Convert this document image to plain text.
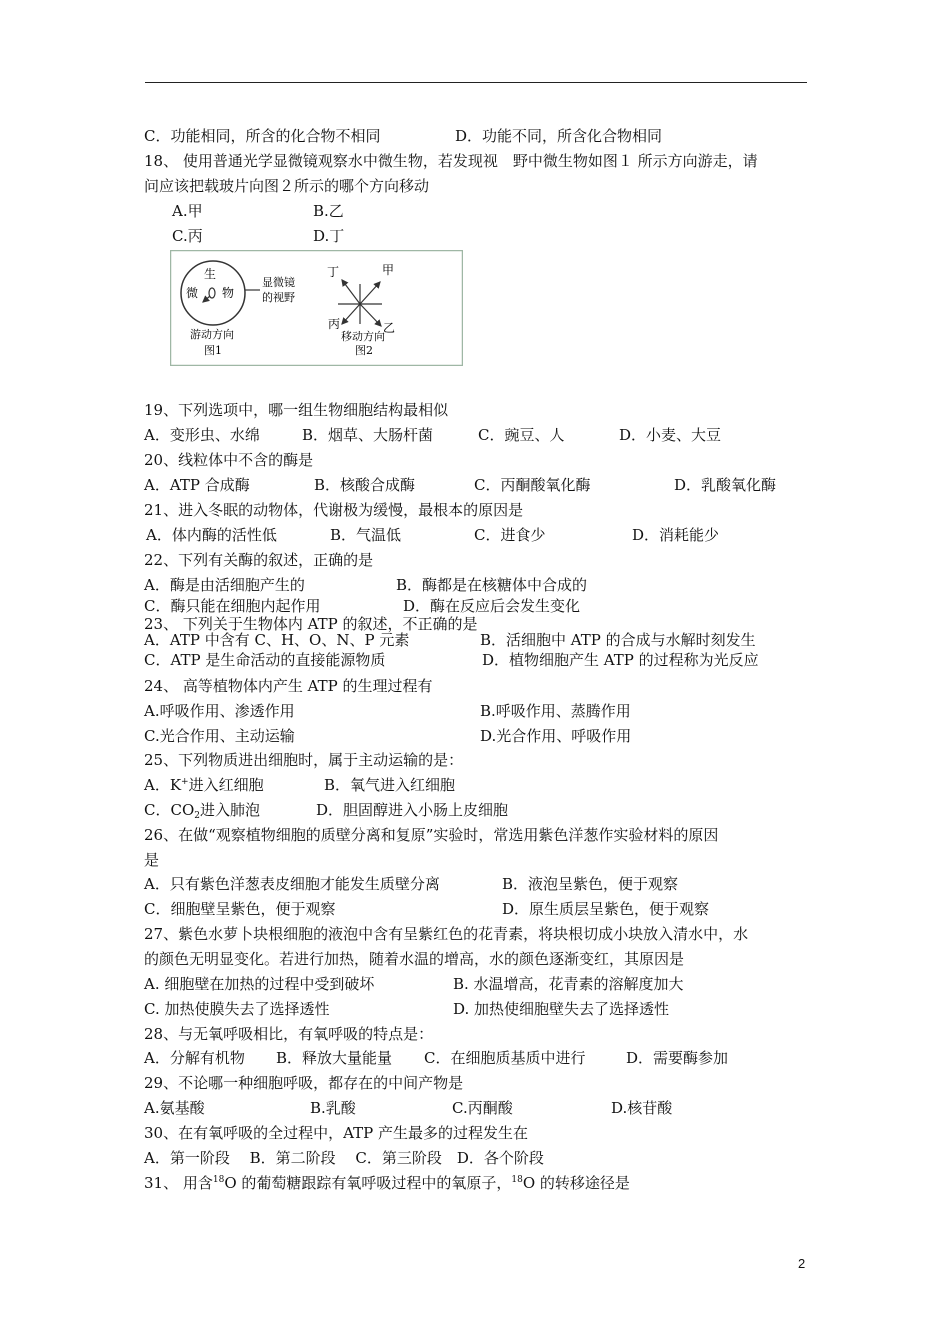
C．功能相同，所含的化合物不相同	D．功能不同，所含化合物相同
18、 使用普通光学显微镜观察水中微生物，若发现视　野中微生物如图１ 所示方向游走，请
问应该把载玻片向图２所示的哪个方向移动
A.甲	B.乙
C.丙	D.丁
生
微 物
显微镜
的视野
游动方向
图1
丁	甲
丙	乙
移动方向
图2
19、下列选项中，哪一组生物细胞结构最相似
A．变形虫、水绵	B．烟草、大肠杆菌	C．豌豆、人	D．小麦、大豆
20、线粒体中不含的酶是
A．ATP 合成酶	B．核酸合成酶	C．丙酮酸氧化酶	D．乳酸氧化酶
21、进入冬眠的动物体，代谢极为缓慢，最根本的原因是
A．体内酶的活性低	B．气温低	C．进食少	D．消耗能少
22、下列有关酶的叙述，正确的是
A．酶是由活细胞产生的	B．酶都是在核糖体中合成的
C．酶只能在细胞内起作用	D．酶在反应后会发生变化
23、 下列关于生物体内 ATP 的叙述，不正确的是
A．ATP 中含有 C、H、O、N、P 元素	B．活细胞中 ATP 的合成与水解时刻发生
C．ATP 是生命活动的直接能源物质	D．植物细胞产生 ATP 的过程称为光反应
24、 高等植物体内产生 ATP 的生理过程有
A.呼吸作用、渗透作用	B.呼吸作用、蒸腾作用
C.光合作用、主动运输	D.光合作用、呼吸作用
25、下列物质进出细胞时，属于主动运输的是：
A．K+进入红细胞	B．氧气进入红细胞
C．$CO_2$进入肺泡	D．胆固醇进入小肠上皮细胞
26、在做“观察植物细胞的质壁分离和复原”实验时，常选用紫色洋葱作实验材料的原因
是
A．只有紫色洋葱表皮细胞才能发生质壁分离	B．液泡呈紫色，便于观察
C．细胞壁呈紫色，便于观察	D．原生质层呈紫色，便于观察
27、紫色水萝卜块根细胞的液泡中含有呈紫红色的花青素，将块根切成小块放入清水中，水
的颜色无明显变化。若进行加热，随着水温的增高，水的颜色逐渐变红，其原因是
A. 细胞壁在加热的过程中受到破坏	B. 水温增高，花青素的溶解度加大
C. 加热使膜失去了选择透性	D. 加热使细胞壁失去了选择透性
28、与无氧呼吸相比，有氧呼吸的特点是：
A．分解有机物 B．释放大量能量 C．在细胞质基质中进行	D．需要酶参加
29、不论哪一种细胞呼吸，都存在的中间产物是
A.氨基酸	B.乳酸	C.丙酮酸	D.核苷酸
30、在有氧呼吸的全过程中，ATP 产生最多的过程发生在
A．第一阶段　 B．第二阶段　 C．第三阶段　D．各个阶段
31、 用含$^{18}$O 的葡萄糖跟踪有氧呼吸过程中的氧原子，$^{18}$O 的转移途径是
2
